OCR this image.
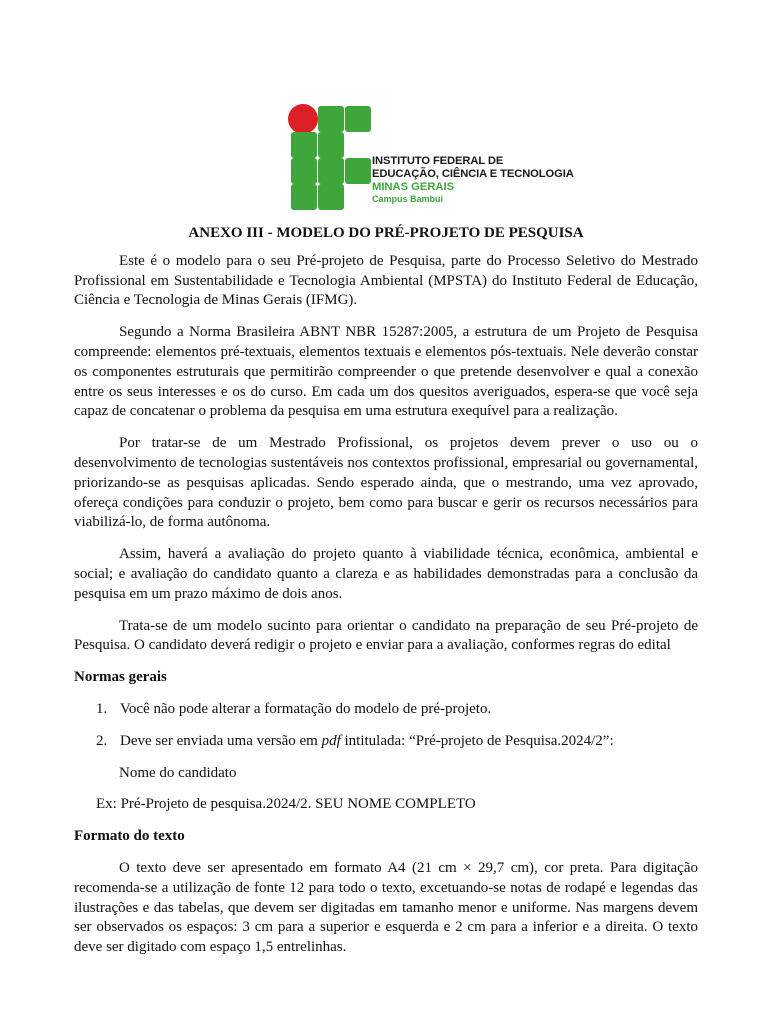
INSTITUTO FEDERAL DE
EDUCAÇÃO, CIÊNCIA E TECNOLOGIA
MINAS GERAIS
Campus Bambuí
ANEXO III - MODELO DO PRÉ-PROJETO DE PESQUISA
Este é o modelo para o seu Pré-projeto de Pesquisa, parte do Processo Seletivo do Mestrado Profissional em Sustentabilidade e Tecnologia Ambiental (MPSTA) do Instituto Federal de Educação, Ciência e Tecnologia de Minas Gerais (IFMG).
Segundo a Norma Brasileira ABNT NBR 15287:2005, a estrutura de um Projeto de Pesquisa compreende: elementos pré-textuais, elementos textuais e elementos pós-textuais. Nele deverão constar os componentes estruturais que permitirão compreender o que pretende desenvolver e qual a conexão entre os seus interesses e os do curso. Em cada um dos quesitos averiguados, espera-se que você seja capaz de concatenar o problema da pesquisa em uma estrutura exequível para a realização.
Por tratar-se de um Mestrado Profissional, os projetos devem prever o uso ou o desenvolvimento de tecnologias sustentáveis nos contextos profissional, empresarial ou governamental, priorizando-se as pesquisas aplicadas. Sendo esperado ainda, que o mestrando, uma vez aprovado, ofereça condições para conduzir o projeto, bem como para buscar e gerir os recursos necessários para viabilizá-lo, de forma autônoma.
Assim, haverá a avaliação do projeto quanto à viabilidade técnica, econômica, ambiental e social; e avaliação do candidato quanto a clareza e as habilidades demonstradas para a conclusão da pesquisa em um prazo máximo de dois anos.
Trata-se de um modelo sucinto para orientar o candidato na preparação de seu Pré-projeto de Pesquisa. O candidato deverá redigir o projeto e enviar para a avaliação, conformes regras do edital
Normas gerais
1. Você não pode alterar a formatação do modelo de pré-projeto.
2. Deve ser enviada uma versão em pdf intitulada: “Pré-projeto de Pesquisa.2024/2”:
Nome do candidato
Ex: Pré-Projeto de pesquisa.2024/2. SEU NOME COMPLETO
Formato do texto
O texto deve ser apresentado em formato A4 (21 cm × 29,7 cm), cor preta. Para digitação recomenda-se a utilização de fonte 12 para todo o texto, excetuando-se notas de rodapé e legendas das ilustrações e das tabelas, que devem ser digitadas em tamanho menor e uniforme. Nas margens devem ser observados os espaços: 3 cm para a superior e esquerda e 2 cm para a inferior e a direita. O texto deve ser digitado com espaço 1,5 entrelinhas.
